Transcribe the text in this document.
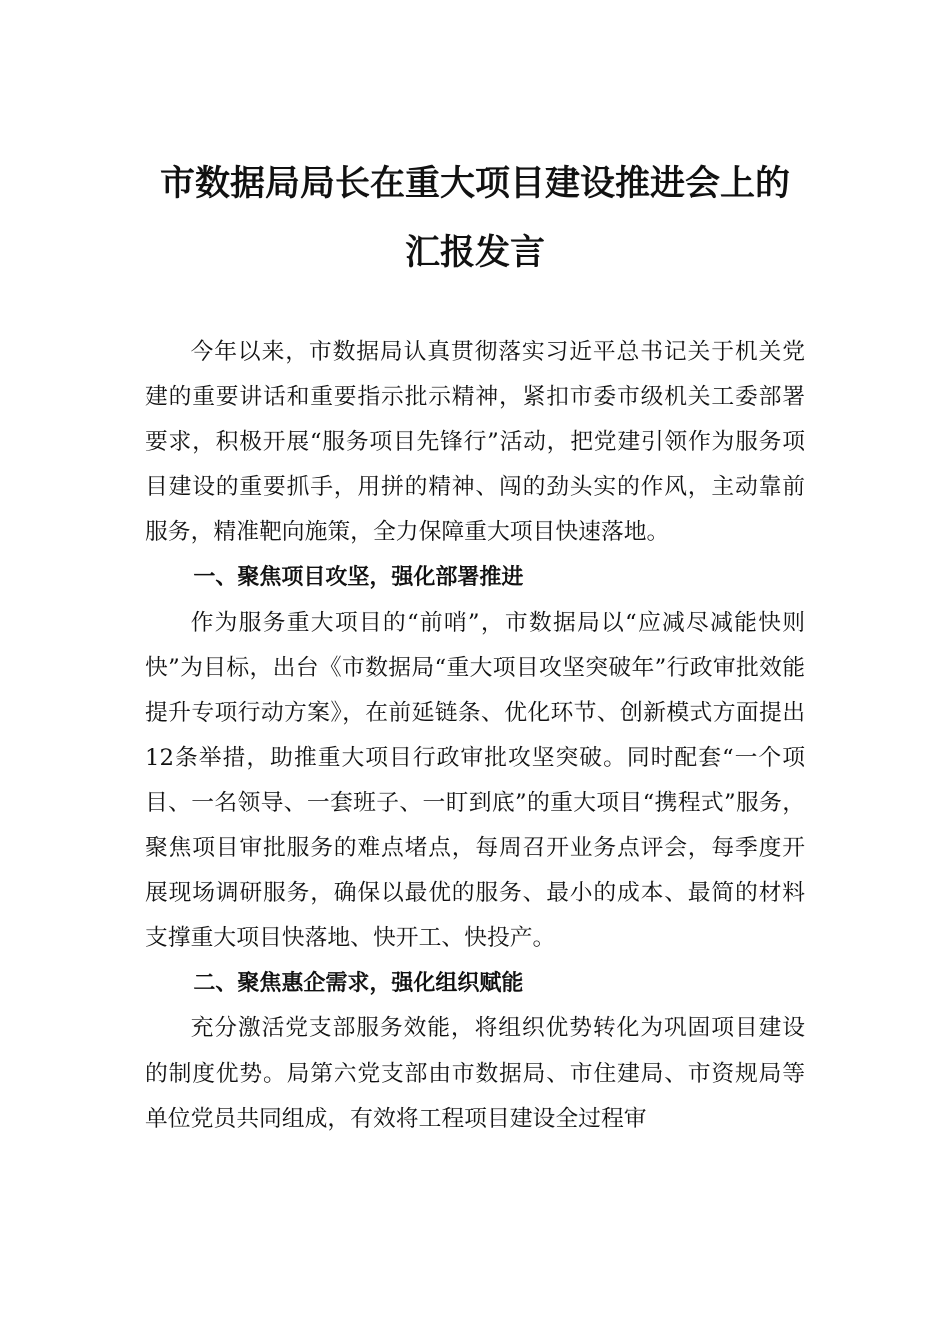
市数据局局长在重大项目建设推进会上的
汇报发言

今年以来，市数据局认真贯彻落实习近平总书记关于机关党建的重要讲话和重要指示批示精神，紧扣市委市级机关工委部署要求，积极开展“服务项目先锋行”活动，把党建引领作为服务项目建设的重要抓手，用拼的精神、闯的劲头实的作风，主动靠前服务，精准靶向施策，全力保障重大项目快速落地。

一、聚焦项目攻坚，强化部署推进

作为服务重大项目的“前哨”，市数据局以“应减尽减能快则快”为目标，出台《市数据局“重大项目攻坚突破年”行政审批效能提升专项行动方案》，在前延链条、优化环节、创新模式方面提出12条举措，助推重大项目行政审批攻坚突破。同时配套“一个项目、一名领导、一套班子、一盯到底”的重大项目“携程式”服务，聚焦项目审批服务的难点堵点，每周召开业务点评会，每季度开展现场调研服务，确保以最优的服务、最小的成本、最简的材料支撑重大项目快落地、快开工、快投产。

二、聚焦惠企需求，强化组织赋能

充分激活党支部服务效能，将组织优势转化为巩固项目建设的制度优势。局第六党支部由市数据局、市住建局、市资规局等单位党员共同组成，有效将工程项目建设全过程审
